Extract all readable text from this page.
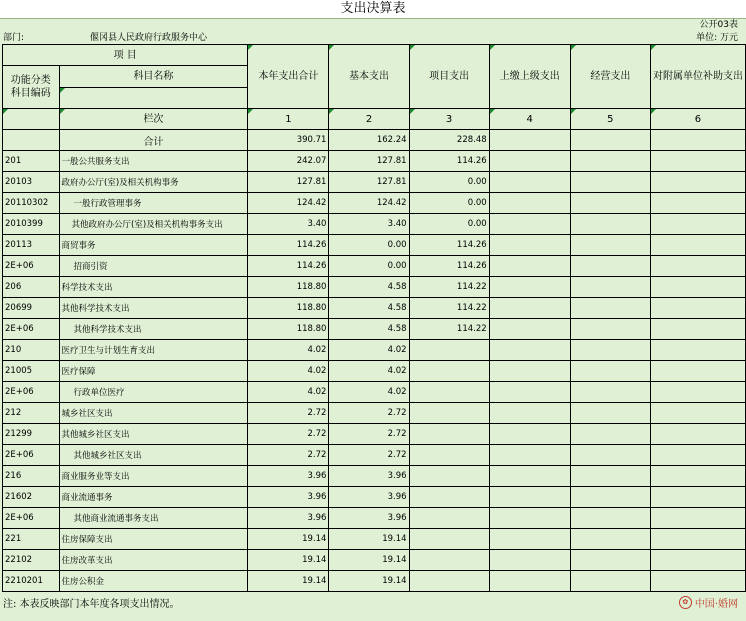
支出决算表
公开03表
部门:	偃冈县人民政府行政服务中心	单位: 万元
项 目		本年支出合计	基本支出	项目支出	上缴上级支出	经营支出	对附属单位补助支出
功能分类
科目编码	科目名称						

	栏次	1	2	3	4	5	6
	合计	390.71	162.24	228.48			
201	一般公共服务支出	242.07	127.81	114.26			
20103	政府办公厅(室)及相关机构事务	127.81	127.81	0.00			
20110302	一般行政管理事务	124.42	124.42	0.00			
2010399	其他政府办公厅(室)及相关机构事务支出	3.40	3.40	0.00			
20113	商贸事务	114.26	0.00	114.26			
2E+06	招商引资	114.26	0.00	114.26			
206	科学技术支出	118.80	4.58	114.22			
20699	其他科学技术支出	118.80	4.58	114.22			
2E+06	其他科学技术支出	118.80	4.58	114.22			
210	医疗卫生与计划生育支出	4.02	4.02				
21005	医疗保障	4.02	4.02				
2E+06	行政单位医疗	4.02	4.02				
212	城乡社区支出	2.72	2.72				
21299	其他城乡社区支出	2.72	2.72				
2E+06	其他城乡社区支出	2.72	2.72				
216	商业服务业等支出	3.96	3.96				
21602	商业流通事务	3.96	3.96				
2E+06	其他商业流通事务支出	3.96	3.96				
221	住房保障支出	19.14	19.14				
22102	住房改革支出	19.14	19.14				
2210201	住房公积金	19.14	19.14				
注: 本表反映部门本年度各项支出情况。	✿ 中国·婚网
